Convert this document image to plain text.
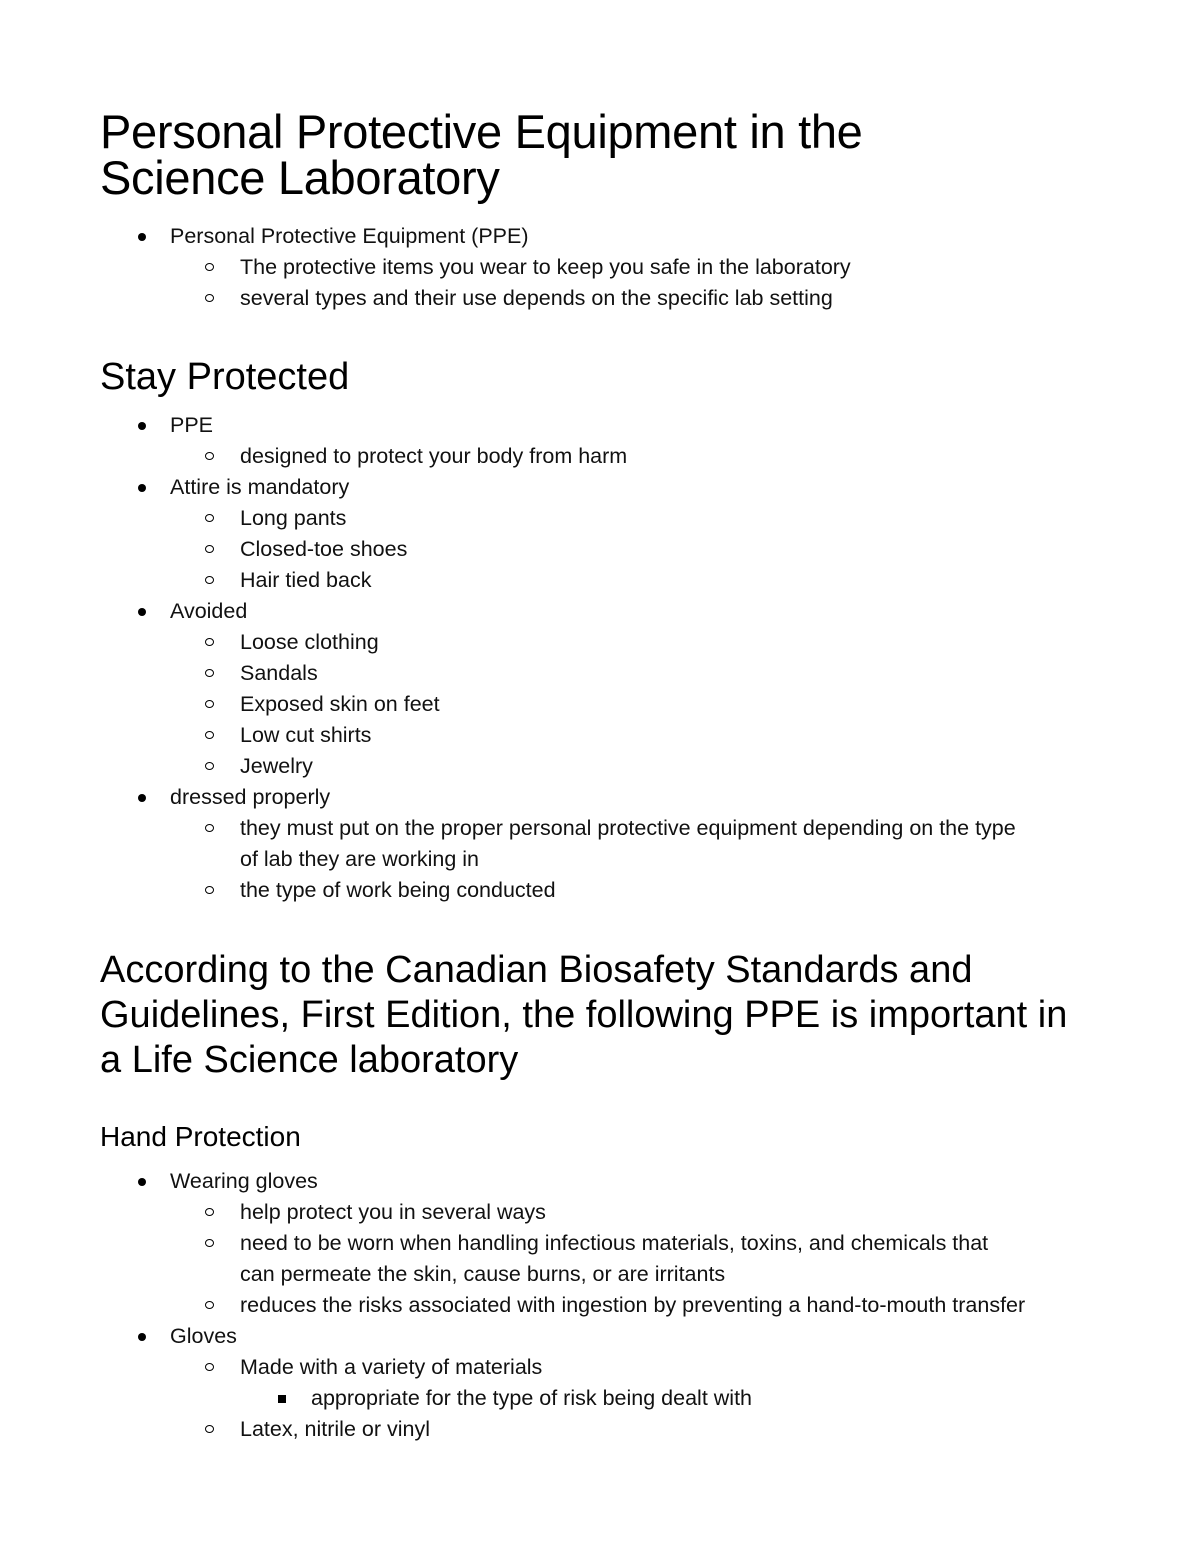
Personal Protective Equipment in the
Science Laboratory
Personal Protective Equipment (PPE)
The protective items you wear to keep you safe in the laboratory
several types and their use depends on the specific lab setting
Stay Protected
PPE
designed to protect your body from harm
Attire is mandatory
Long pants
Closed-toe shoes
Hair tied back
Avoided
Loose clothing
Sandals
Exposed skin on feet
Low cut shirts
Jewelry
dressed properly
they must put on the proper personal protective equipment depending on the type
of lab they are working in
the type of work being conducted
According to the Canadian Biosafety Standards and
Guidelines, First Edition, the following PPE is important in
a Life Science laboratory
Hand Protection
Wearing gloves
help protect you in several ways
need to be worn when handling infectious materials, toxins, and chemicals that
can permeate the skin, cause burns, or are irritants
reduces the risks associated with ingestion by preventing a hand-to-mouth transfer
Gloves
Made with a variety of materials
appropriate for the type of risk being dealt with
Latex, nitrile or vinyl
